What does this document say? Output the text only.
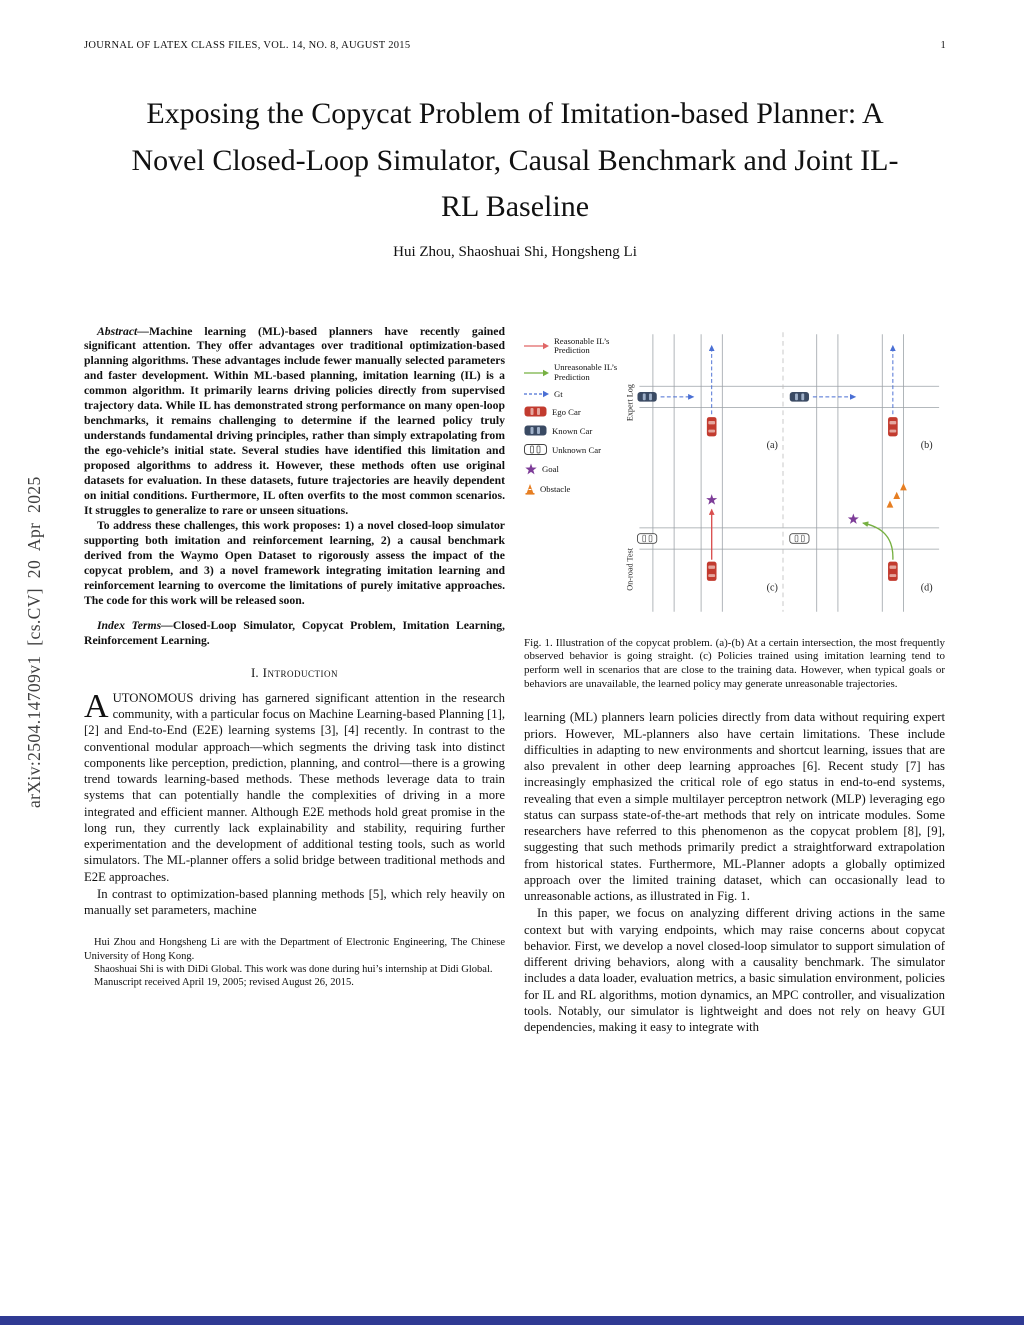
JOURNAL OF LATEX CLASS FILES, VOL. 14, NO. 8, AUGUST 2015	1
Exposing the Copycat Problem of Imitation-based Planner: A Novel Closed-Loop Simulator, Causal Benchmark and Joint IL-RL Baseline
Hui Zhou, Shaoshuai Shi, Hongsheng Li

Abstract—Machine learning (ML)-based planners have recently gained significant attention. They offer advantages over traditional optimization-based planning algorithms. These advantages include fewer manually selected parameters and faster development. Within ML-based planning, imitation learning (IL) is a common algorithm. It primarily learns driving policies directly from supervised trajectory data. While IL has demonstrated strong performance on many open-loop benchmarks, it remains challenging to determine if the learned policy truly understands fundamental driving principles, rather than simply extrapolating from the ego-vehicle’s initial state. Several studies have identified this limitation and proposed algorithms to address it. However, these methods often use original datasets for evaluation. In these datasets, future trajectories are heavily dependent on initial conditions. Furthermore, IL often overfits to the most common scenarios. It struggles to generalize to rare or unseen situations.

To address these challenges, this work proposes: 1) a novel closed-loop simulator supporting both imitation and reinforcement learning, 2) a causal benchmark derived from the Waymo Open Dataset to rigorously assess the impact of the copycat problem, and 3) a novel framework integrating imitation learning and reinforcement learning to overcome the limitations of purely imitative approaches. The code for this work will be released soon.

Index Terms—Closed-Loop Simulator, Copycat Problem, Imitation Learning, Reinforcement Learning.

I. Introduction

AUTONOMOUS driving has garnered significant attention in the research community, with a particular focus on Machine Learning-based Planning [1], [2] and End-to-End (E2E) learning systems [3], [4] recently. In contrast to the conventional modular approach—which segments the driving task into distinct components like perception, prediction, planning, and control—there is a growing trend towards learning-based methods. These methods leverage data to train systems that can potentially handle the complexities of driving in a more integrated and efficient manner. Although E2E methods hold great promise in the long run, they currently lack explainability and stability, requiring further experimentation and the development of additional testing tools, such as world simulators. The ML-planner offers a solid bridge between traditional methods and E2E approaches.

In contrast to optimization-based planning methods [5], which rely heavily on manually set parameters, machine

Hui Zhou and Hongsheng Li are with the Department of Electronic Engineering, The Chinese University of Hong Kong.

Shaoshuai Shi is with DiDi Global. This work was done during hui’s internship at Didi Global.

Manuscript received April 19, 2005; revised August 26, 2015.

Reasonable IL’s Prediction
Unreasonable IL’s Prediction
Gt
Ego Car
Known Car
Unknown Car
Goal
Obstacle
Expert Log
On-road Test
(a)	(b)
(c)	(d)
Fig. 1. Illustration of the copycat problem. (a)-(b) At a certain intersection, the most frequently observed behavior is going straight. (c) Policies trained using imitation learning tend to perform well in scenarios that are close to the training data. However, when typical goals or behaviors are unavailable, the learned policy may generate unreasonable trajectories.

learning (ML) planners learn policies directly from data without requiring expert priors. However, ML-planners also have certain limitations. These include difficulties in adapting to new environments and shortcut learning, issues that are also prevalent in other deep learning approaches [6]. Recent study [7] has increasingly emphasized the critical role of ego status in end-to-end systems, revealing that even a simple multilayer perceptron network (MLP) leveraging ego status can surpass state-of-the-art methods that rely on intricate modules. Some researchers have referred to this phenomenon as the copycat problem [8], [9], suggesting that such methods primarily predict a straightforward extrapolation from historical states. Furthermore, ML-Planner adopts a globally optimized approach over the limited training dataset, which can occasionally lead to unreasonable actions, as illustrated in Fig. 1.

In this paper, we focus on analyzing different driving actions in the same context but with varying endpoints, which may raise concerns about copycat behavior. First, we develop a novel closed-loop simulator to support simulation of different driving behaviors, along with a causality benchmark. The simulator includes a data loader, evaluation metrics, a basic simulation environment, policies for IL and RL algorithms, motion dynamics, an MPC controller, and visualization tools. Notably, our simulator is lightweight and does not rely on heavy GUI dependencies, making it easy to integrate with

arXiv:2504.14709v1 [cs.CV] 20 Apr 2025
